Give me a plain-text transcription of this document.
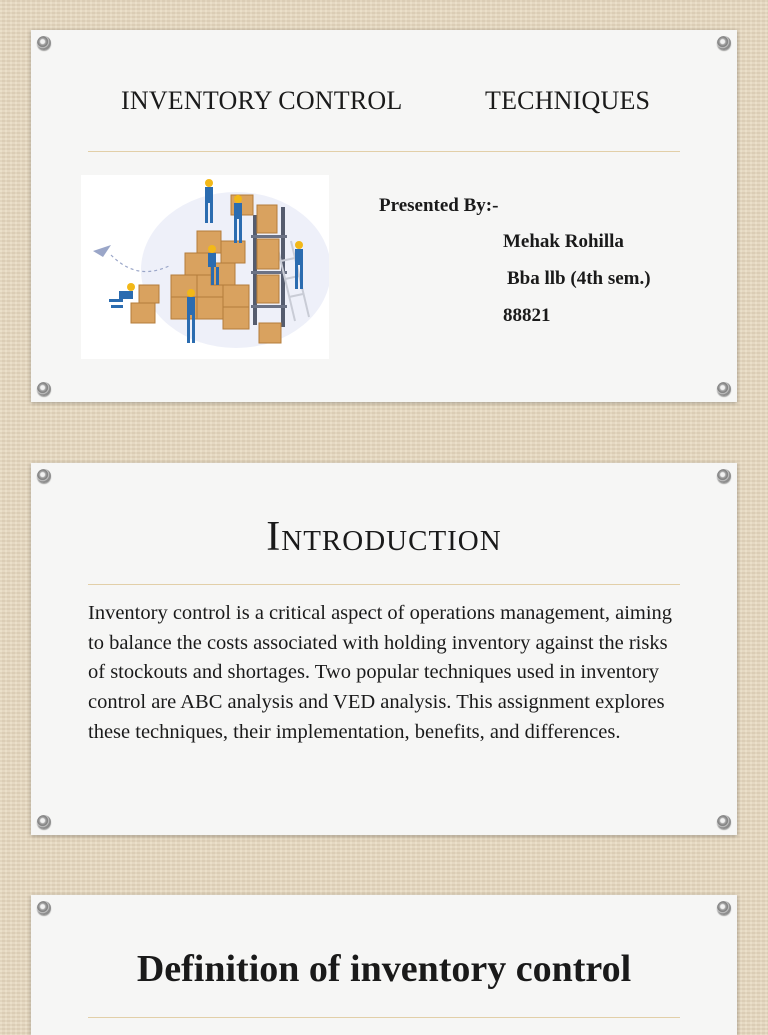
INVENTORY CONTROL	TECHNIQUES
Presented By:-
Mehak Rohilla
Bba llb (4th sem.)
88821
Introduction
Inventory control is a critical aspect of operations management, aiming to balance the costs associated with holding inventory against the risks of stockouts and shortages. Two popular techniques used in inventory control are ABC analysis and VED analysis. This assignment explores these techniques, their implementation, benefits, and differences.
Definition of inventory control
